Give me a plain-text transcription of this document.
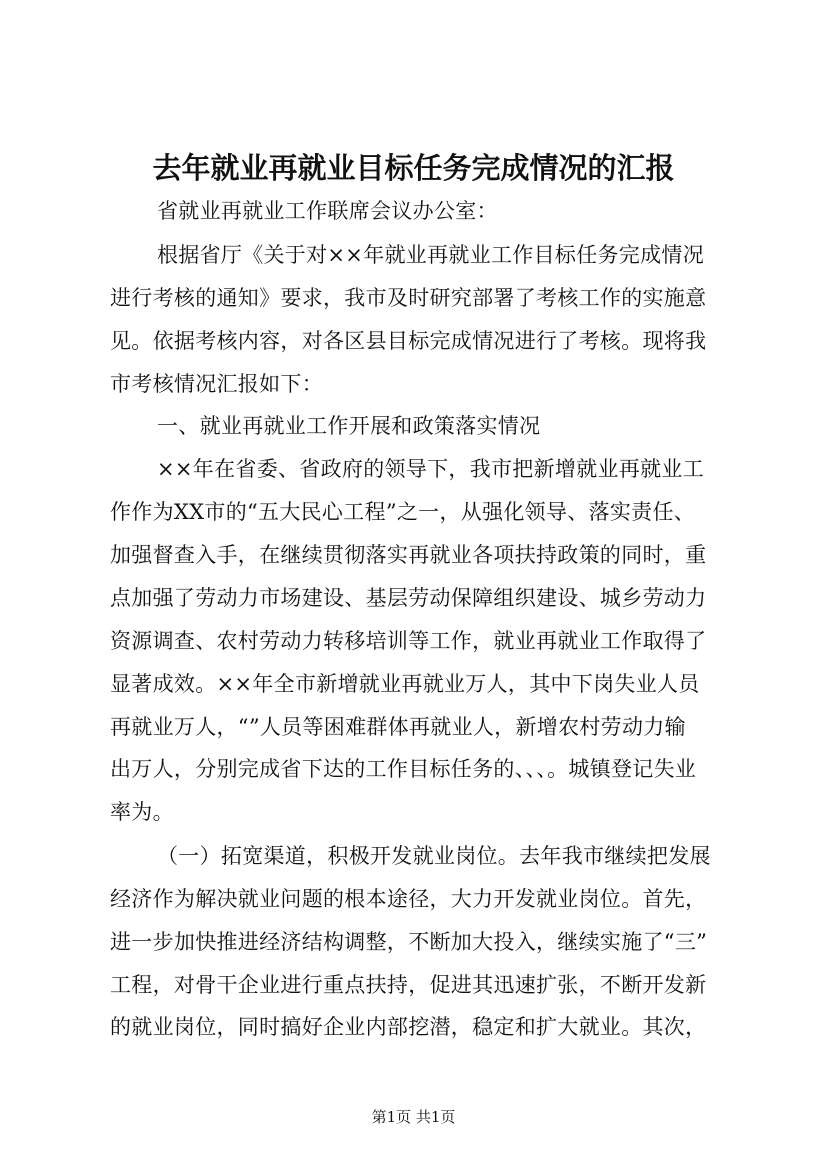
去年就业再就业目标任务完成情况的汇报
省就业再就业工作联席会议办公室：
根据省厅《关于对××年就业再就业工作目标任务完成情况
进行考核的通知》要求，我市及时研究部署了考核工作的实施意
见。依据考核内容，对各区县目标完成情况进行了考核。现将我
市考核情况汇报如下：
一、就业再就业工作开展和政策落实情况
××年在省委、省政府的领导下，我市把新增就业再就业工
作作为XX市的“五大民心工程”之一，从强化领导、落实责任、
加强督查入手，在继续贯彻落实再就业各项扶持政策的同时，重
点加强了劳动力市场建设、基层劳动保障组织建设、城乡劳动力
资源调查、农村劳动力转移培训等工作，就业再就业工作取得了
显著成效。××年全市新增就业再就业万人，其中下岗失业人员
再就业万人，“”人员等困难群体再就业人，新增农村劳动力输
出万人，分别完成省下达的工作目标任务的、、、。城镇登记失业
率为。
（一）拓宽渠道，积极开发就业岗位。去年我市继续把发展
经济作为解决就业问题的根本途径，大力开发就业岗位。首先，
进一步加快推进经济结构调整，不断加大投入，继续实施了“三”
工程，对骨干企业进行重点扶持，促进其迅速扩张，不断开发新
的就业岗位，同时搞好企业内部挖潜，稳定和扩大就业。其次，
第1页 共1页
